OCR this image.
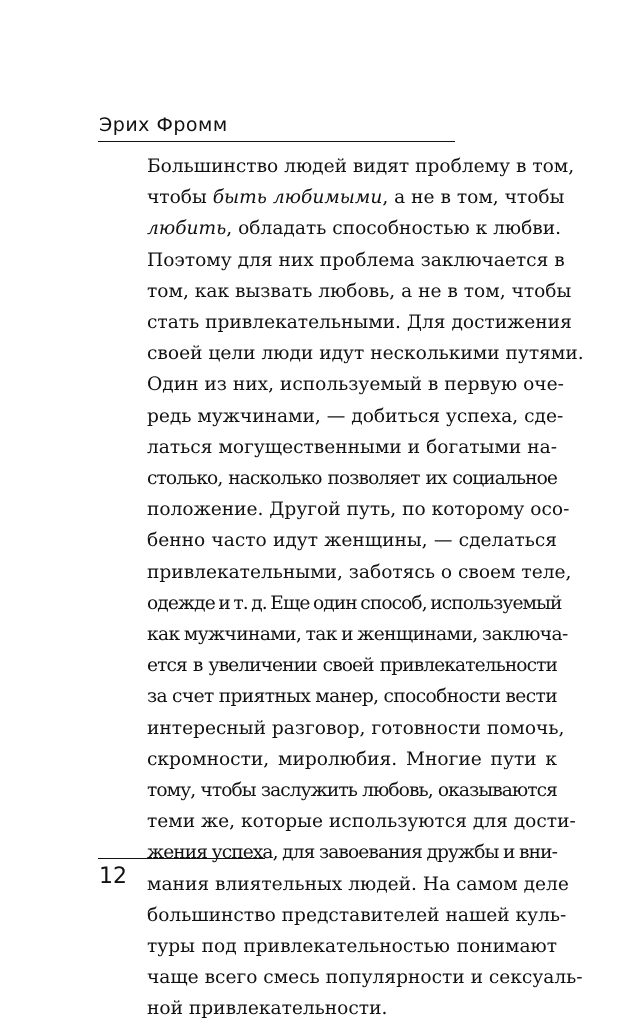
Эрих Фромм

Большинство людей видят проблему в том,
чтобы быть любимыми, а не в том, чтобы
любить, обладать способностью к любви.
Поэтому для них проблема заключается в
том, как вызвать любовь, а не в том, чтобы
стать привлекательными. Для достижения
своей цели люди идут несколькими путями.
Один из них, используемый в первую оче-
редь мужчинами, — добиться успеха, сде-
латься могущественными и богатыми на-
столько, насколько позволяет их социальное
положение. Другой путь, по которому осо-
бенно часто идут женщины, — сделаться
привлекательными, заботясь о своем теле,
одежде и т. д. Еще один способ, используемый
как мужчинами, так и женщинами, заключа-
ется в увеличении своей привлекательности
за счет приятных манер, способности вести
интересный разговор, готовности помочь,
скромности, миролюбия. Многие пути к
тому, чтобы заслужить любовь, оказываются
теми же, которые используются для дости-
жения успеха, для завоевания дружбы и вни-
мания влиятельных людей. На самом деле
большинство представителей нашей куль-
туры под привлекательностью понимают
чаще всего смесь популярности и сексуаль-
ной привлекательности.

12
